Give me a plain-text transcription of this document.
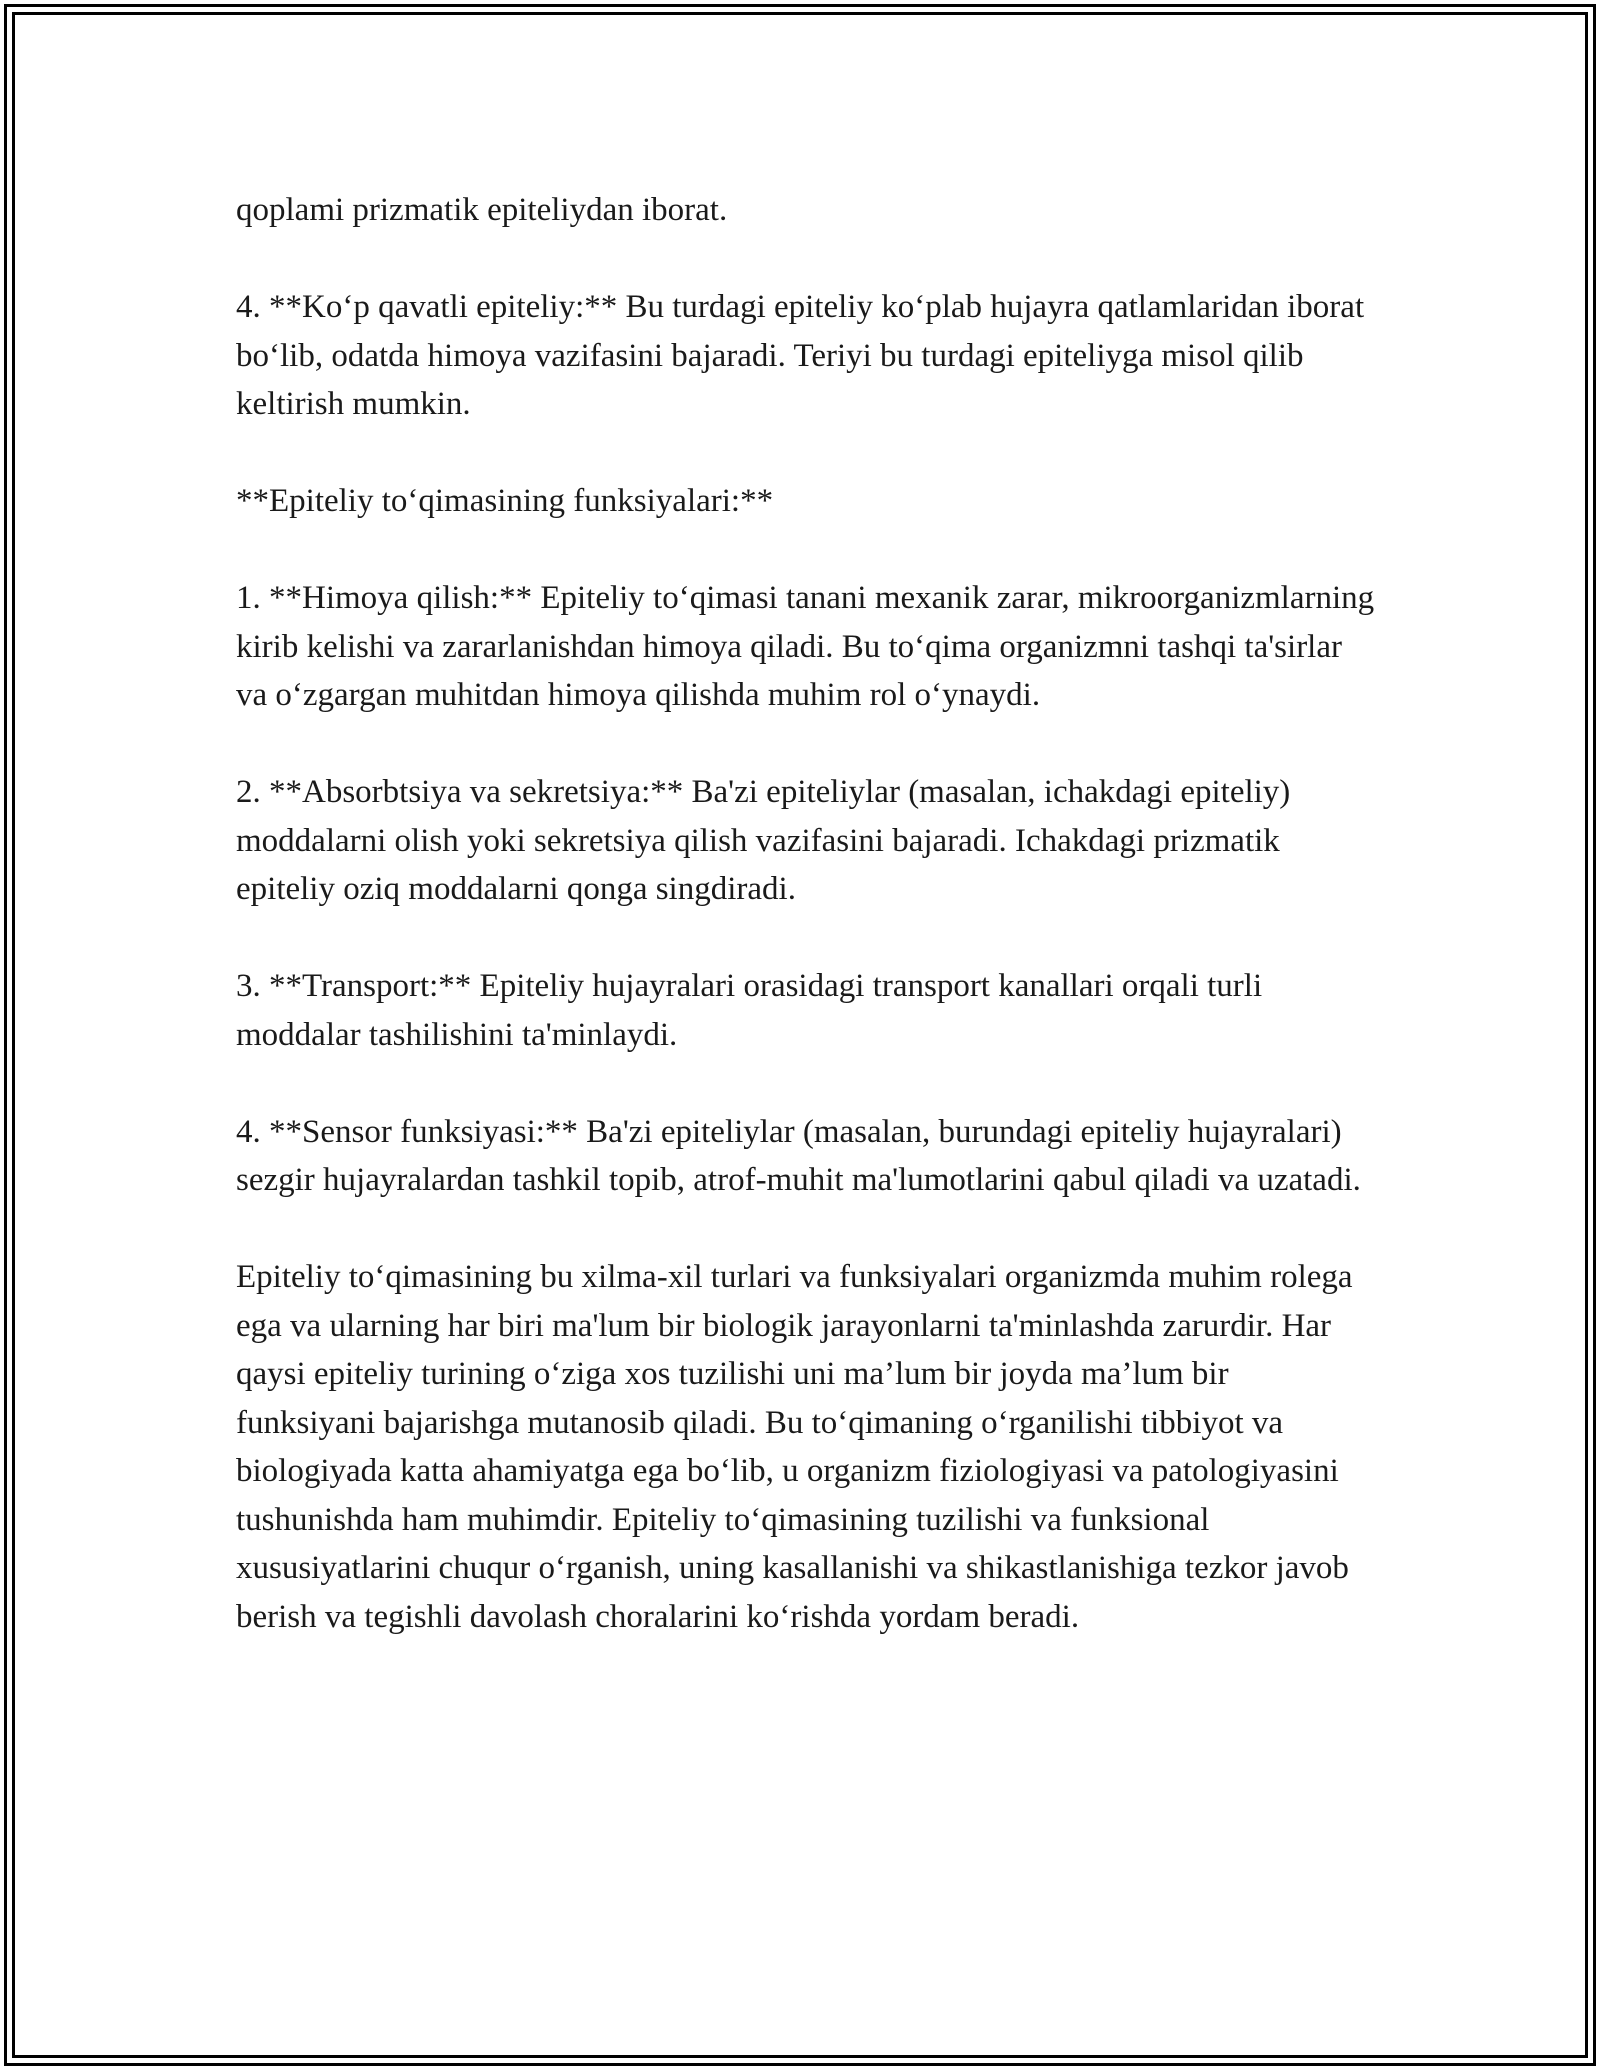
qoplami prizmatik epiteliydan iborat.

4. **Ko‘p qavatli epiteliy:** Bu turdagi epiteliy ko‘plab hujayra qatlamlaridan iborat bo‘lib, odatda himoya vazifasini bajaradi. Teriyi bu turdagi epiteliyga misol qilib keltirish mumkin.

**Epiteliy to‘qimasining funksiyalari:**

1. **Himoya qilish:** Epiteliy to‘qimasi tanani mexanik zarar, mikroorganizmlarning kirib kelishi va zararlanishdan himoya qiladi. Bu to‘qima organizmni tashqi ta'sirlar va o‘zgargan muhitdan himoya qilishda muhim rol o‘ynaydi.

2. **Absorbtsiya va sekretsiya:** Ba'zi epiteliylar (masalan, ichakdagi epiteliy) moddalarni olish yoki sekretsiya qilish vazifasini bajaradi. Ichakdagi prizmatik epiteliy oziq moddalarni qonga singdiradi.

3. **Transport:** Epiteliy hujayralari orasidagi transport kanallari orqali turli moddalar tashilishini ta'minlaydi.

4. **Sensor funksiyasi:** Ba'zi epiteliylar (masalan, burundagi epiteliy hujayralari) sezgir hujayralardan tashkil topib, atrof-muhit ma'lumotlarini qabul qiladi va uzatadi.

Epiteliy to‘qimasining bu xilma-xil turlari va funksiyalari organizmda muhim rolega ega va ularning har biri ma'lum bir biologik jarayonlarni ta'minlashda zarurdir. Har qaysi epiteliy turining o‘ziga xos tuzilishi uni ma’lum bir joyda ma’lum bir funksiyani bajarishga mutanosib qiladi. Bu to‘qimaning o‘rganilishi tibbiyot va biologiyada katta ahamiyatga ega bo‘lib, u organizm fiziologiyasi va patologiyasini tushunishda ham muhimdir. Epiteliy to‘qimasining tuzilishi va funksional xususiyatlarini chuqur o‘rganish, uning kasallanishi va shikastlanishiga tezkor javob berish va tegishli davolash choralarini ko‘rishda yordam beradi.
